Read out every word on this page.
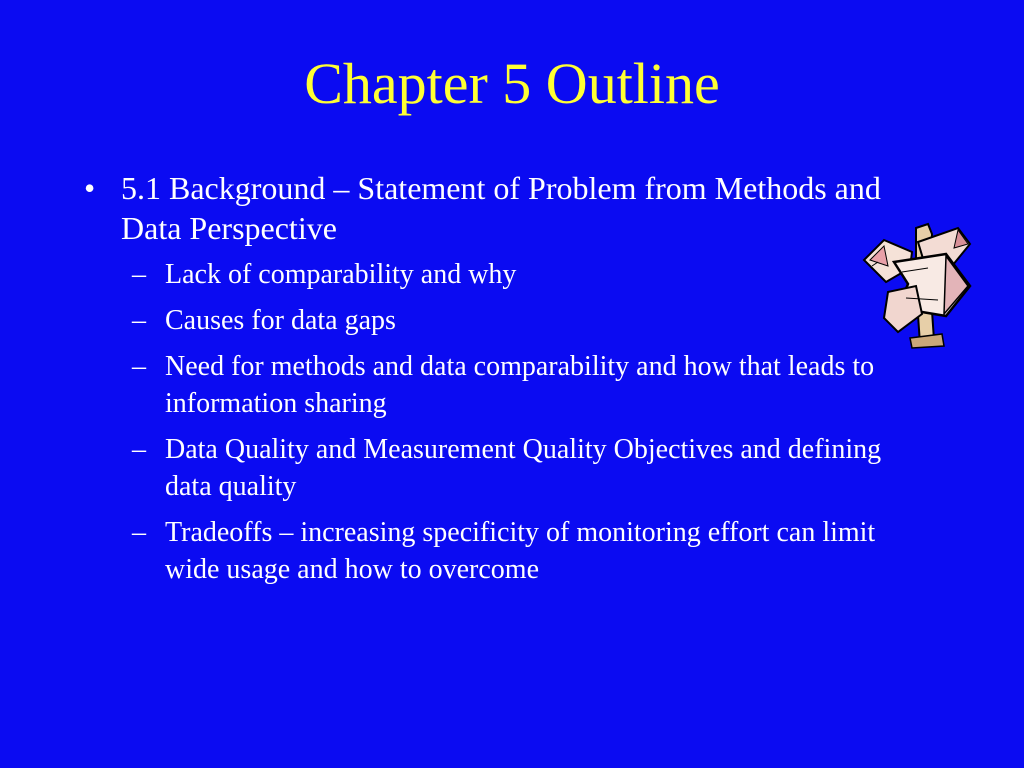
Chapter 5 Outline
• 5.1 Background – Statement of Problem from Methods and Data Perspective
– Lack of comparability and why
– Causes for data gaps
– Need for methods and data comparability and how that leads to information sharing
– Data Quality and Measurement Quality Objectives and defining data quality
– Tradeoffs – increasing specificity of monitoring effort can limit wide usage and how to overcome
